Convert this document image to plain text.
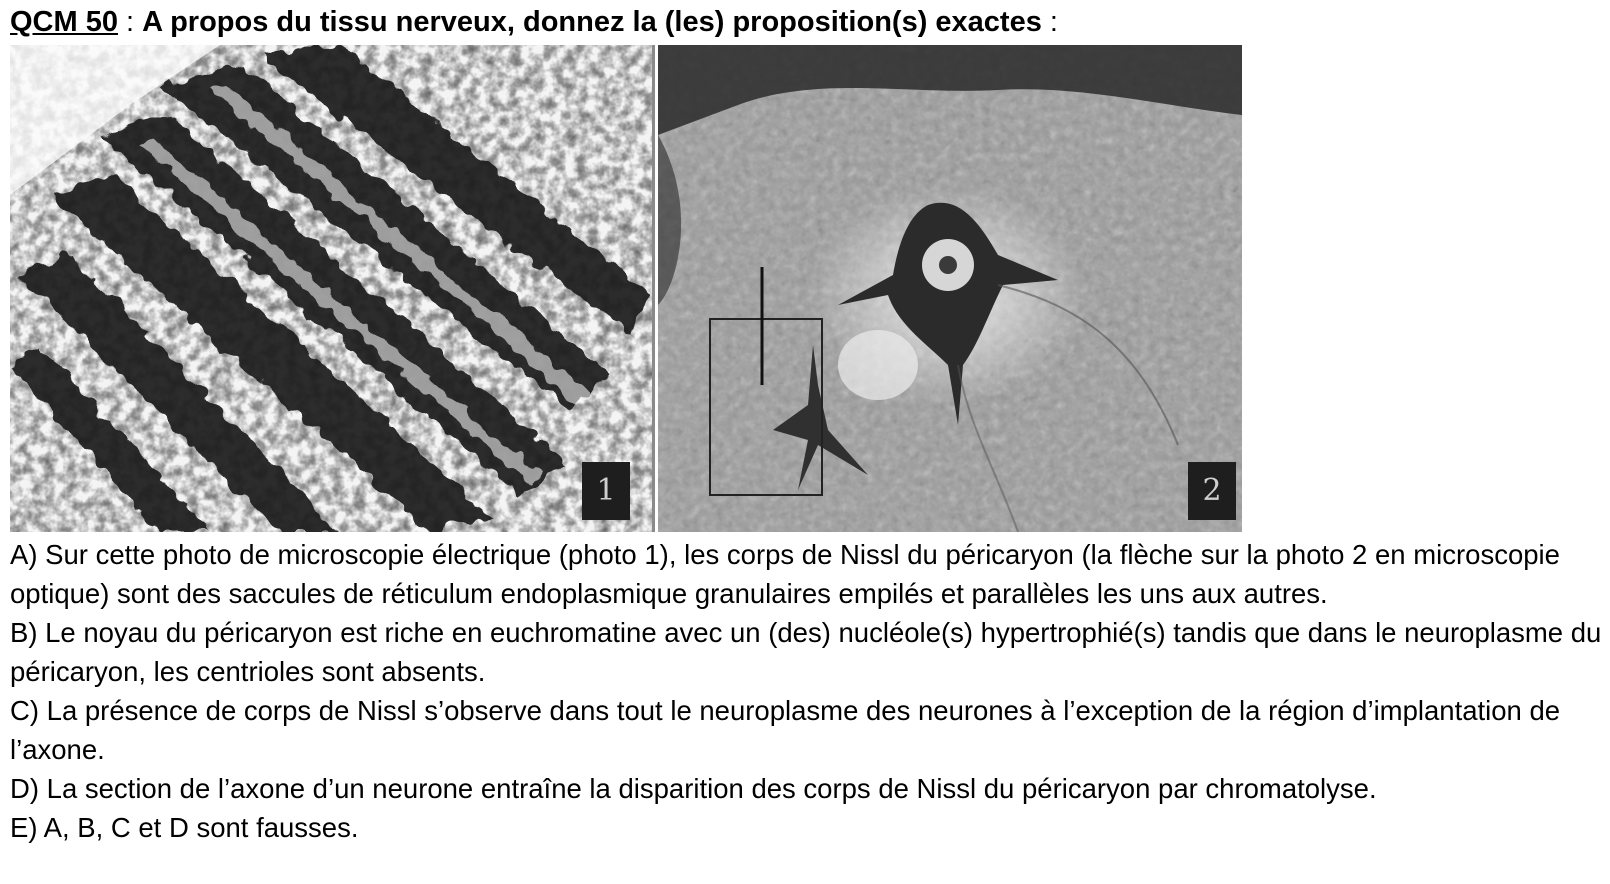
QCM 50 : A propos du tissu nerveux, donnez la (les) proposition(s) exactes :
1	2

A) Sur cette photo de microscopie électrique (photo 1), les corps de Nissl du péricaryon (la flèche sur la photo 2 en microscopie optique) sont des saccules de réticulum endoplasmique granulaires empilés et parallèles les uns aux autres.

B) Le noyau du péricaryon est riche en euchromatine avec un (des) nucléole(s) hypertrophié(s) tandis que dans le neuroplasme du péricaryon, les centrioles sont absents.

C) La présence de corps de Nissl s’observe dans tout le neuroplasme des neurones à l’exception de la région d’implantation de l’axone.

D) La section de l’axone d’un neurone entraîne la disparition des corps de Nissl du péricaryon par chromatolyse.

E) A, B, C et D sont fausses.
